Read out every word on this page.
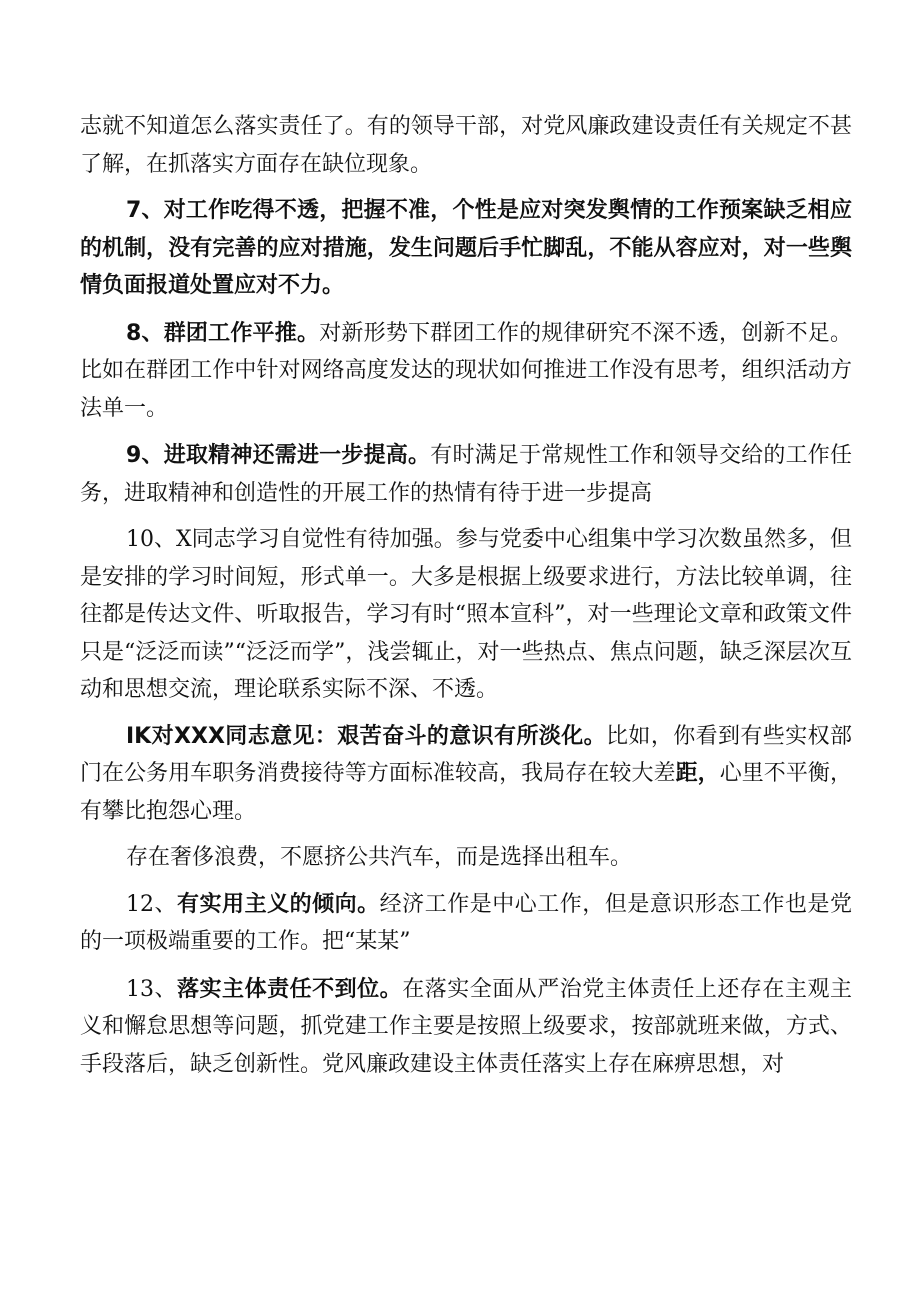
志就不知道怎么落实责任了。有的领导干部，对党风廉政建设责任有关规定不甚了解，在抓落实方面存在缺位现象。

7、对工作吃得不透，把握不准，个性是应对突发舆情的工作预案缺乏相应的机制，没有完善的应对措施，发生问题后手忙脚乱，不能从容应对，对一些舆情负面报道处置应对不力。

8、群团工作平推。对新形势下群团工作的规律研究不深不透，创新不足。比如在群团工作中针对网络高度发达的现状如何推进工作没有思考，组织活动方法单一。

9、进取精神还需进一步提高。有时满足于常规性工作和领导交给的工作任务，进取精神和创造性的开展工作的热情有待于进一步提高

10、X同志学习自觉性有待加强。参与党委中心组集中学习次数虽然多，但是安排的学习时间短，形式单一。大多是根据上级要求进行，方法比较单调，往往都是传达文件、听取报告，学习有时“照本宣科”，对一些理论文章和政策文件只是“泛泛而读”“泛泛而学”，浅尝辄止，对一些热点、焦点问题，缺乏深层次互动和思想交流，理论联系实际不深、不透。

IK对XXX同志意见：艰苦奋斗的意识有所淡化。比如，你看到有些实权部门在公务用车职务消费接待等方面标准较高，我局存在较大差距，心里不平衡，有攀比抱怨心理。

存在奢侈浪费，不愿挤公共汽车，而是选择出租车。

12、有实用主义的倾向。经济工作是中心工作，但是意识形态工作也是党的一项极端重要的工作。把“某某”

13、落实主体责任不到位。在落实全面从严治党主体责任上还存在主观主义和懈怠思想等问题，抓党建工作主要是按照上级要求，按部就班来做，方式、手段落后，缺乏创新性。党风廉政建设主体责任落实上存在麻痹思想，对
